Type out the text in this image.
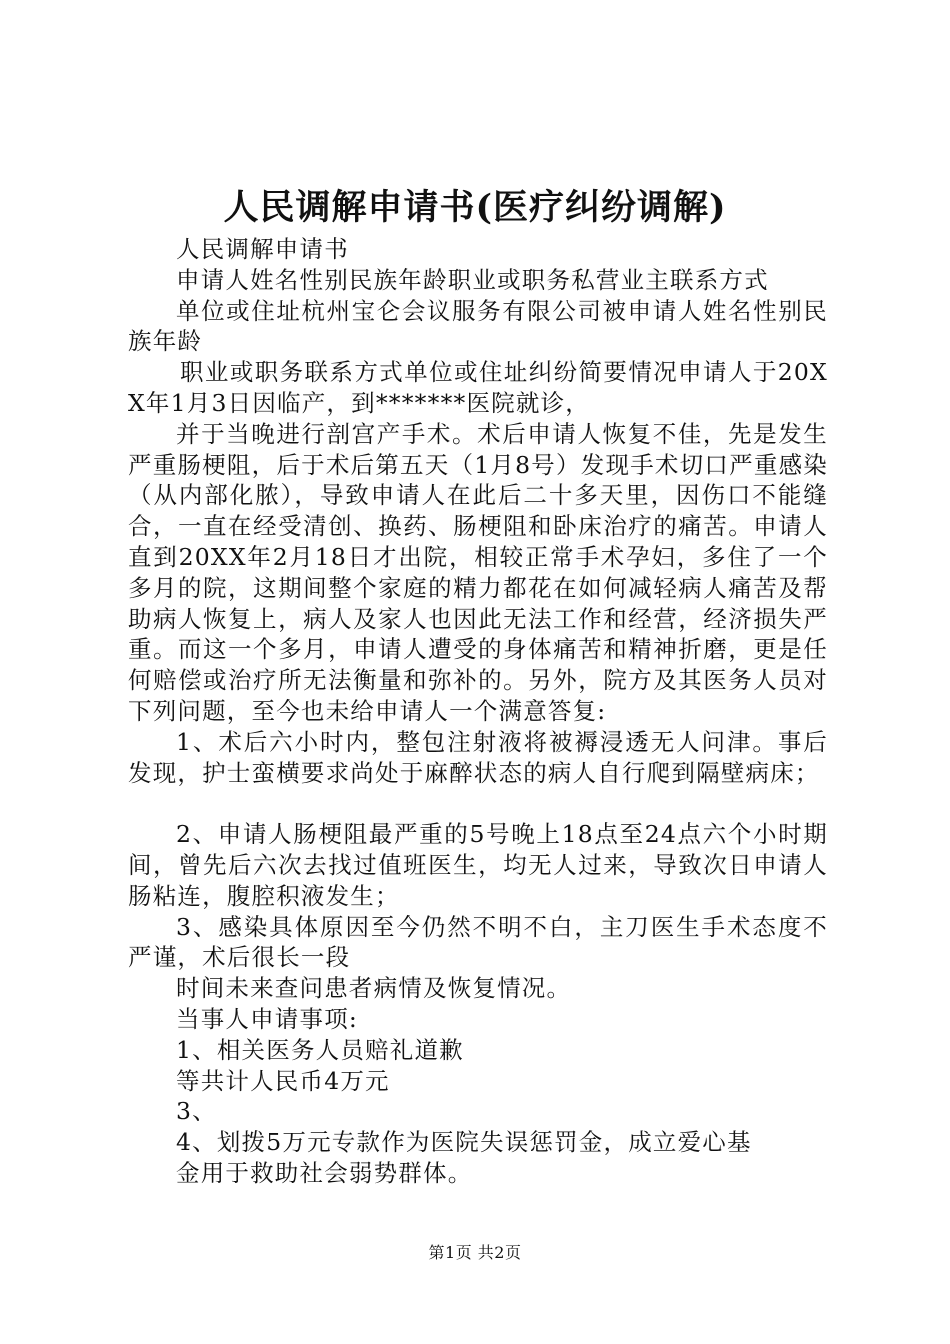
人民调解申请书(医疗纠纷调解)

人民调解申请书

申请人姓名性别民族年龄职业或职务私营业主联系方式

单位或住址杭州宝仑会议服务有限公司被申请人姓名性别民族年龄

职业或职务联系方式单位或住址纠纷简要情况申请人于20XX年1月3日因临产，到*******医院就诊，

并于当晚进行剖宫产手术。术后申请人恢复不佳，先是发生严重肠梗阻，后于术后第五天（1月8号）发现手术切口严重感染（从内部化脓），导致申请人在此后二十多天里，因伤口不能缝合，一直在经受清创、换药、肠梗阻和卧床治疗的痛苦。申请人直到20XX年2月18日才出院，相较正常手术孕妇，多住了一个多月的院，这期间整个家庭的精力都花在如何减轻病人痛苦及帮助病人恢复上，病人及家人也因此无法工作和经营，经济损失严重。而这一个多月，申请人遭受的身体痛苦和精神折磨，更是任何赔偿或治疗所无法衡量和弥补的。另外，院方及其医务人员对下列问题，至今也未给申请人一个满意答复:

1、术后六小时内，整包注射液将被褥浸透无人问津。事后发现，护士蛮横要求尚处于麻醉状态的病人自行爬到隔壁病床；

2、申请人肠梗阻最严重的5号晚上18点至24点六个小时期间，曾先后六次去找过值班医生，均无人过来，导致次日申请人肠粘连，腹腔积液发生；

3、感染具体原因至今仍然不明不白，主刀医生手术态度不严谨，术后很长一段

时间未来查问患者病情及恢复情况。

当事人申请事项:

1、相关医务人员赔礼道歉

等共计人民币4万元

3、

4、划拨5万元专款作为医院失误惩罚金，成立爱心基

金用于救助社会弱势群体。

第1页 共2页
